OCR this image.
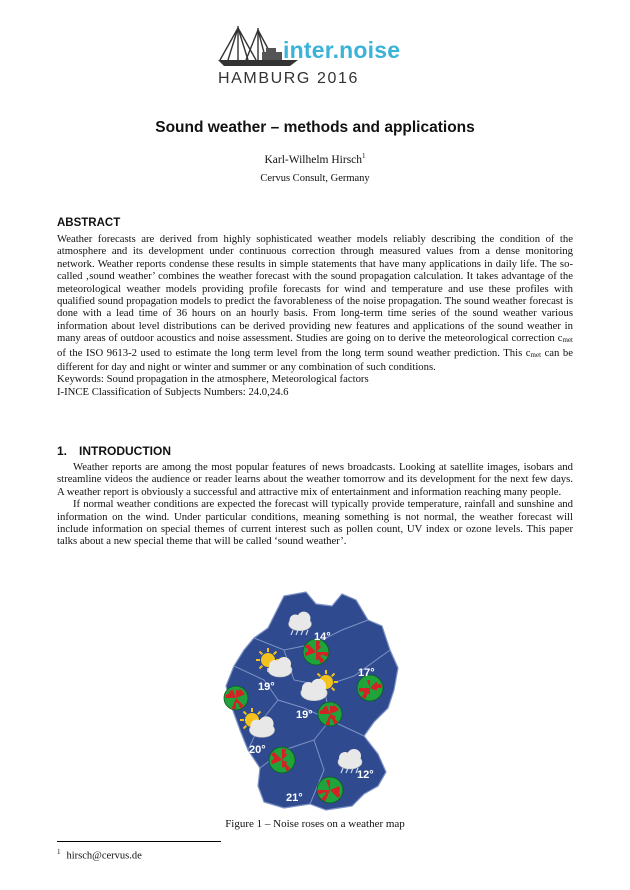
inter.noise
HAMBURG 2016
Sound weather – methods and applications
Karl-Wilhelm Hirsch$^1$
Cervus Consult, Germany
ABSTRACT

Weather forecasts are derived from highly sophisticated weather models reliably describing the condition of the atmosphere and its development under continuous correction through measured values from a dense monitoring network. Weather reports condense these results in simple statements that have many applications in daily life. The so-called ‚sound weather’ combines the weather forecast with the sound propagation calculation. It takes advantage of the meteorological weather models providing profile forecasts for wind and temperature and use these profiles with qualified sound propagation models to predict the favorableness of the noise propagation. The sound weather forecast is done with a lead time of 36 hours on an hourly basis. From long-term time series of the sound weather various information about level distributions can be derived providing new features and applications of the sound weather in many areas of outdoor acoustics and noise assessment. Studies are going on to derive the meteorological correction $c_{met}$ of the ISO 9613-2 used to estimate the long term level from the long term sound weather prediction. This $c_{met}$ can be different for day and night or winter and summer or any combination of such conditions.

Keywords: Sound propagation in the atmosphere, Meteorological factors

I-INCE Classification of Subjects Numbers: 24.0,24.6

1. INTRODUCTION

Weather reports are among the most popular features of news broadcasts. Looking at satellite images, isobars and streamline videos the audience or reader learns about the weather tomorrow and its development for the next few days. A weather report is obviously a successful and attractive mix of entertainment and information reaching many people.

If normal weather conditions are expected the forecast will typically provide temperature, rainfall and sunshine and information on the wind. Under particular conditions, meaning something is not normal, the weather forecast will include information on special themes of current interest such as pollen count, UV index or ozone levels. This paper talks about a new special theme that will be called ‘sound weather’.

14°
17°
19°
19°
20°
12°
21°
Figure 1 – Noise roses on a weather map
$^1$ hirsch@cervus.de
